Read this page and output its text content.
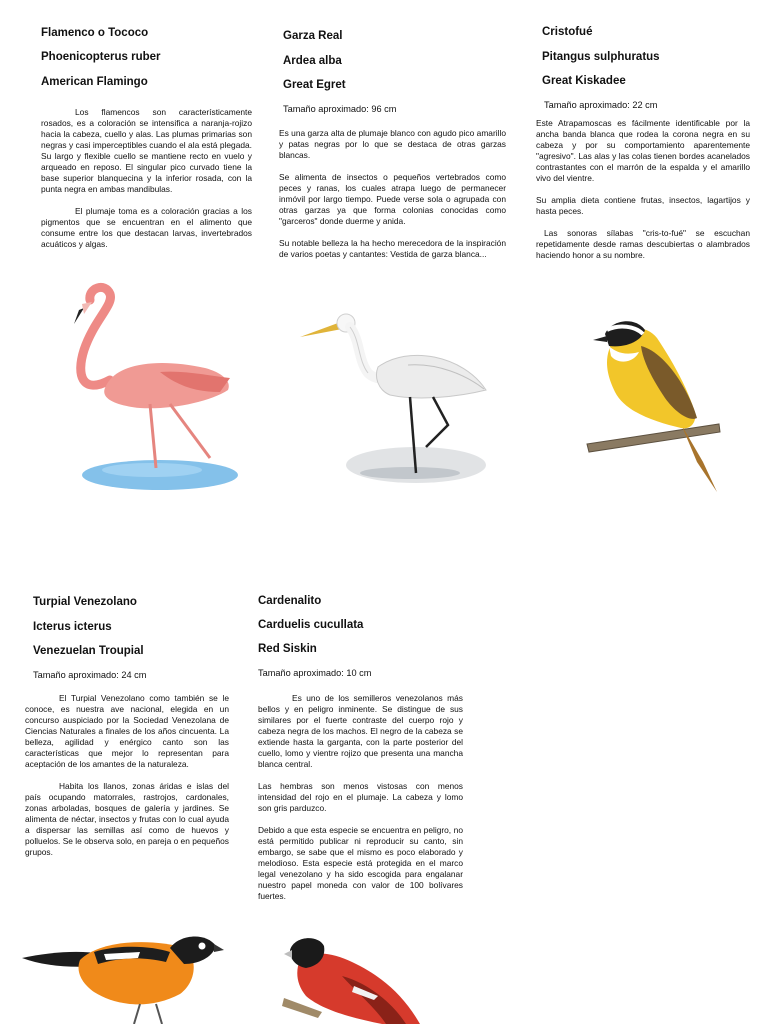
Flamenco o Tococo
Phoenicopterus ruber
American Flamingo

Los flamencos son característicamente rosados, es a coloración se intensifica a naranja-rojizo hacia la cabeza, cuello y alas. Las plumas primarias son negras y casi imperceptibles cuando el ala está plegada. Su largo y flexible cuello se mantiene recto en vuelo y arqueado en reposo. El singular pico curvado tiene la base superior blanquecina y la inferior rosada, con la punta negra en ambas mandibulas.

El plumaje toma es a coloración gracias a los pigmentos que se encuentran en el alimento que consume entre los que destacan larvas, invertebrados acuáticos y algas.

Garza Real
Ardea alba
Great Egret
Tamaño aproximado: 96 cm

Es una garza alta de plumaje blanco con agudo pico amarillo y patas negras por lo que se destaca de otras garzas blancas.

Se alimenta de insectos o pequeños vertebrados como peces y ranas, los cuales atrapa luego de permanecer inmóvil por largo tiempo. Puede verse sola o agrupada con otras garzas ya que forma colonias conocidas como "garceros" donde duerme y anida.

Su notable belleza la ha hecho merecedora de la inspiración de varios poetas y cantantes: Vestida de garza blanca...

Cristofué
Pitangus sulphuratus
Great Kiskadee
Tamaño aproximado: 22 cm

Este Atrapamoscas es fácilmente identificable por la ancha banda blanca que rodea la corona negra en su cabeza y por su comportamiento aparentemente "agresivo". Las alas y las colas tienen bordes acanelados contrastantes con el marrón de la espalda y el amarillo vivo del vientre.

Su amplia dieta contiene frutas, insectos, lagartijos y hasta peces.

Las sonoras sílabas "cris-to-fué" se escuchan repetidamente desde ramas descubiertas o alambrados haciendo honor a su nombre.

Turpial Venezolano
Icterus icterus
Venezuelan Troupial
Tamaño aproximado: 24 cm

El Turpial Venezolano como también se le conoce, es nuestra ave nacional, elegida en un concurso auspiciado por la Sociedad Venezolana de Ciencias Naturales a finales de los años cincuenta. La belleza, agilidad y enérgico canto son las características que mejor lo representan para aceptación de los amantes de la naturaleza.

Habita los llanos, zonas áridas e islas del país ocupando matorrales, rastrojos, cardonales, zonas arboladas, bosques de galería y jardines. Se alimenta de néctar, insectos y frutas con lo cual ayuda a dispersar las semillas así como de huevos y polluelos. Se le observa solo, en pareja o en pequeños grupos.

Cardenalito
Carduelis cucullata
Red Siskin
Tamaño aproximado: 10 cm

Es uno de los semilleros venezolanos más bellos y en peligro inminente. Se distingue de sus similares por el fuerte contraste del cuerpo rojo y cabeza negra de los machos. El negro de la cabeza se extiende hasta la garganta, con la parte posterior del cuello, lomo y vientre rojizo que presenta una mancha blanca central.

Las hembras son menos vistosas con menos intensidad del rojo en el plumaje. La cabeza y lomo son gris parduzco.

Debido a que esta especie se encuentra en peligro, no está permitido publicar ni reproducir su canto, sin embargo, se sabe que el mismo es poco elaborado y melodioso. Esta especie está protegida en el marco legal venezolano y ha sido escogida para engalanar nuestro papel moneda con valor de 100 bolívares fuertes.
